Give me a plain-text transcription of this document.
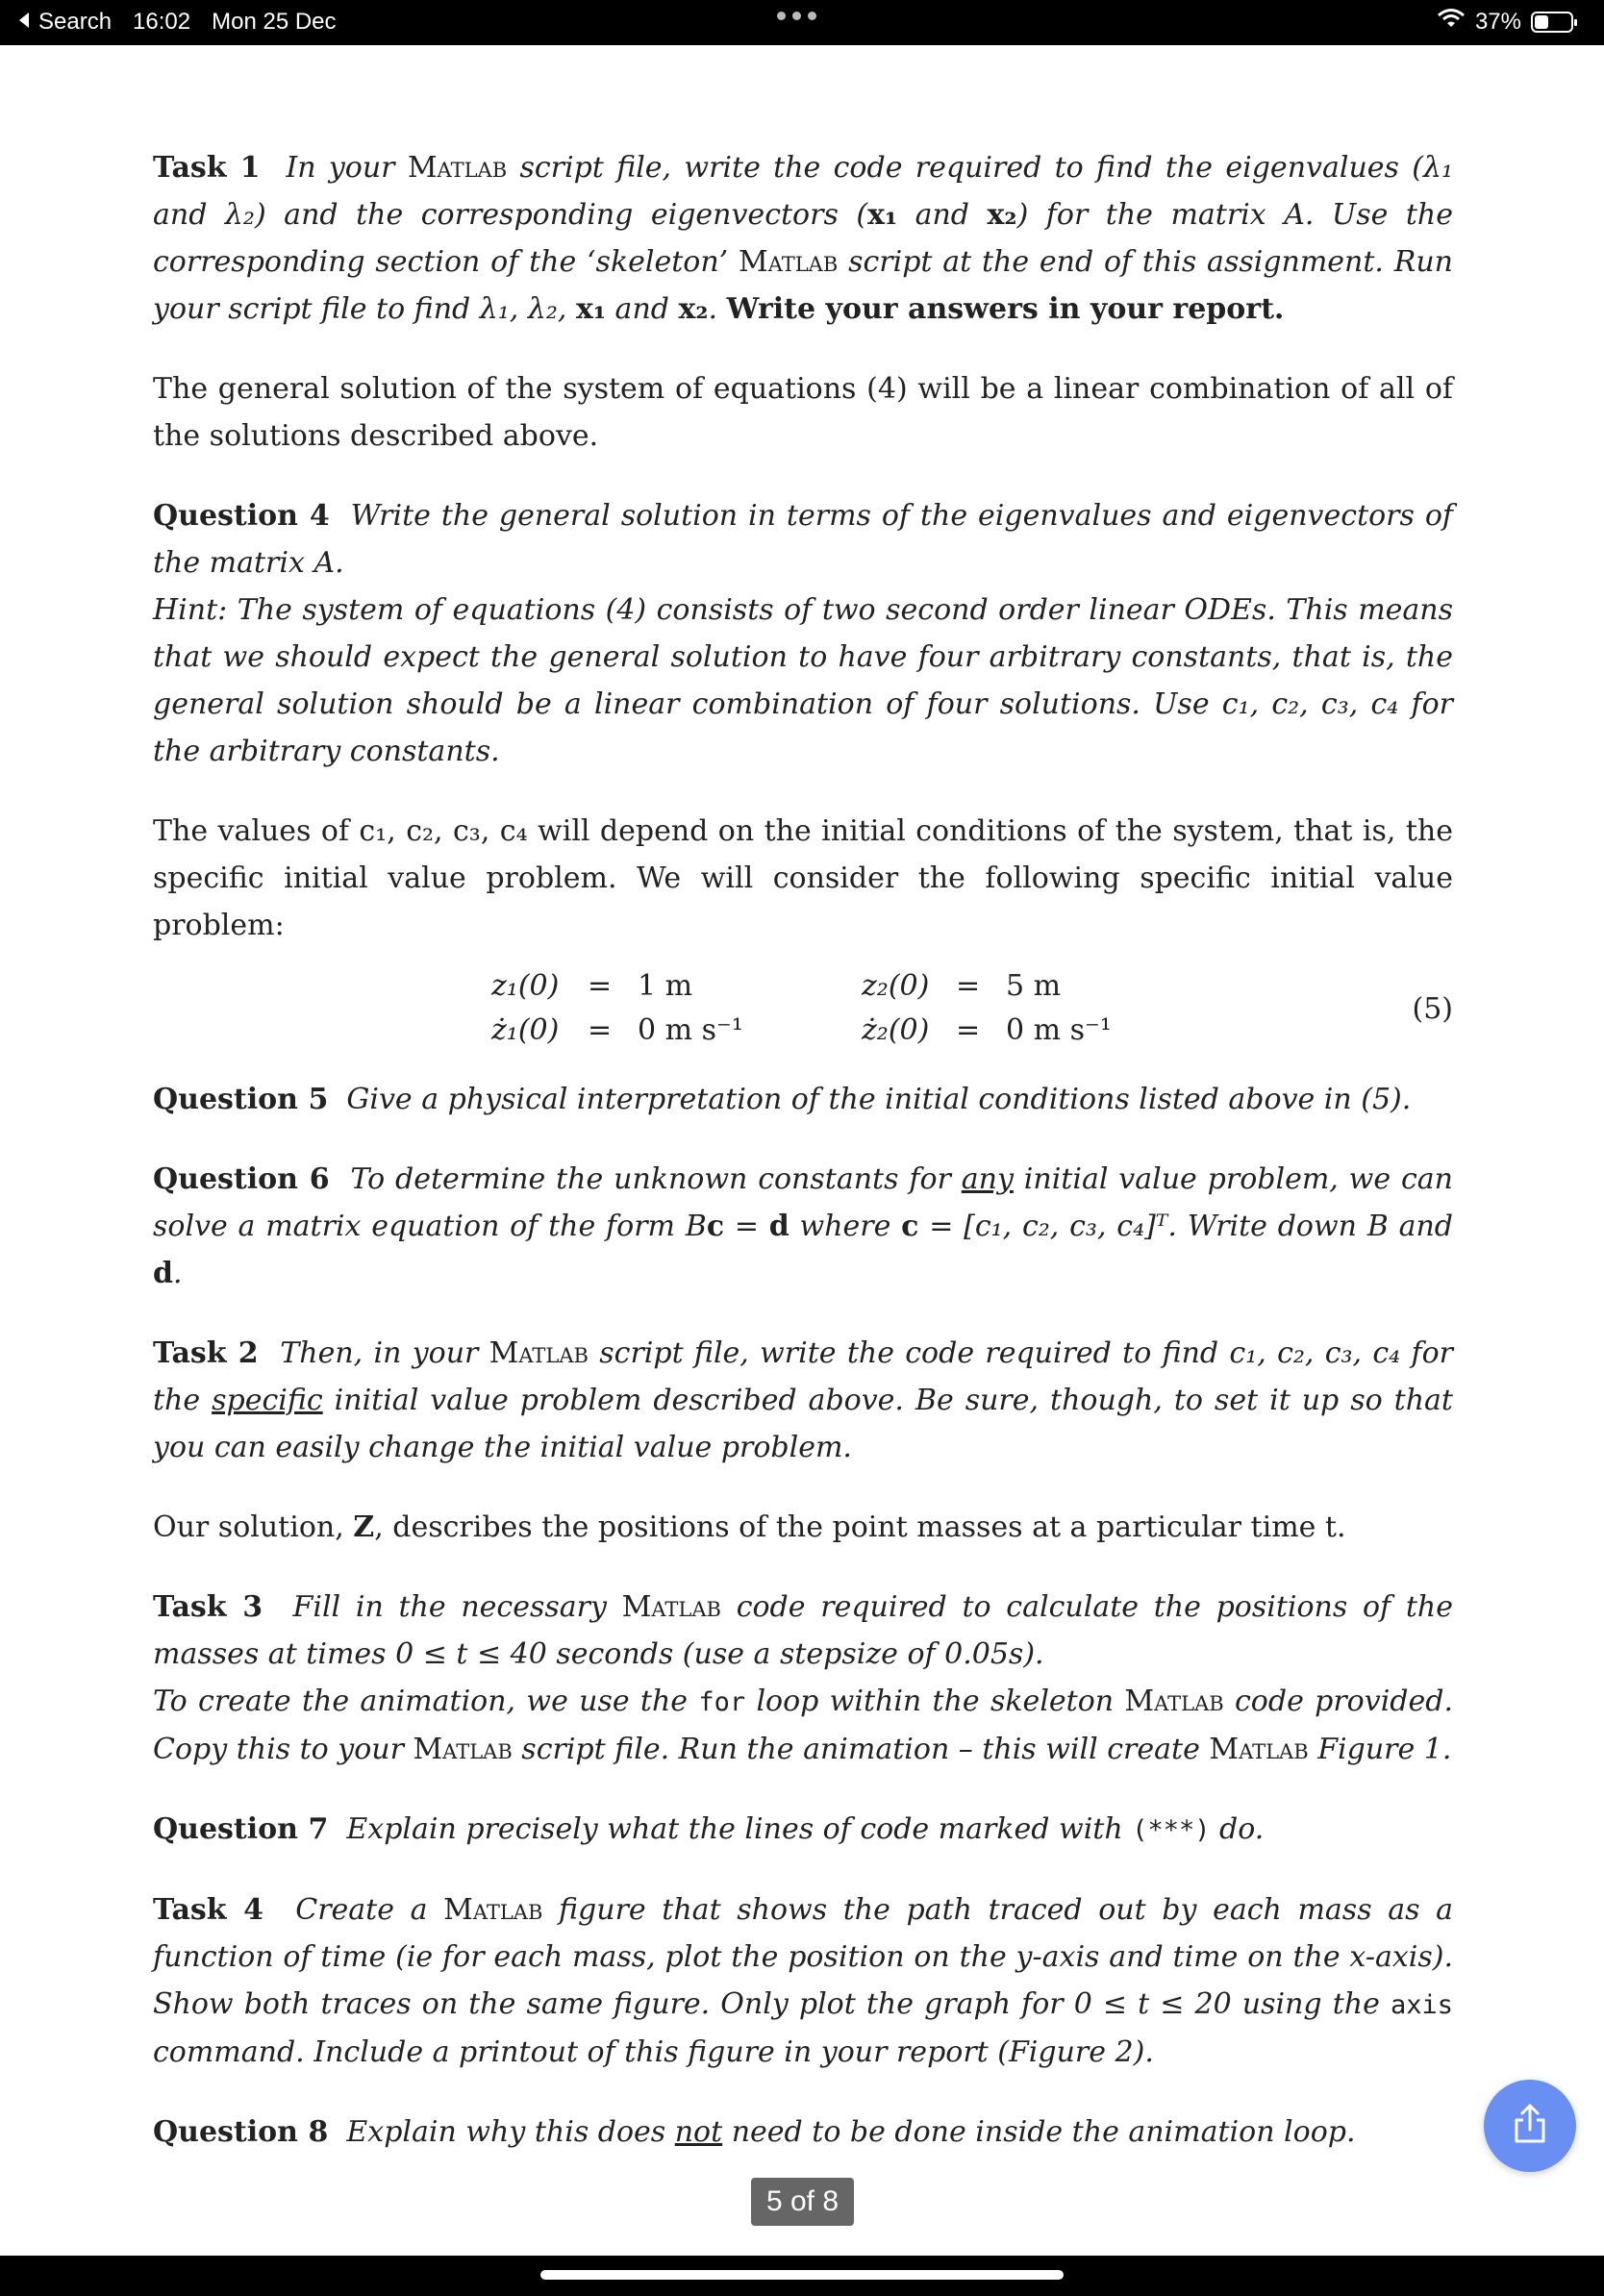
Search 16:02 Mon 25 Dec	37%

Task 1 In your Matlab script file, write the code required to find the eigenvalues (λ₁ and λ₂) and the corresponding eigenvectors (x₁ and x₂) for the matrix A. Use the corresponding section of the ‘skeleton’ Matlab script at the end of this assignment. Run your script file to find λ₁, λ₂, x₁ and x₂. Write your answers in your report.

The general solution of the system of equations (4) will be a linear combination of all of the solutions described above.

Question 4 Write the general solution in terms of the eigenvalues and eigenvectors of the matrix A.
Hint: The system of equations (4) consists of two second order linear ODEs. This means that we should expect the general solution to have four arbitrary constants, that is, the general solution should be a linear combination of four solutions. Use c₁, c₂, c₃, c₄ for the arbitrary constants.

The values of c₁, c₂, c₃, c₄ will depend on the initial conditions of the system, that is, the specific initial value problem. We will consider the following specific initial value problem:

z₁(0) = 1 m	z₂(0) = 5 m
ż₁(0) = 0 m s⁻¹	ż₂(0) = 0 m s⁻¹
(5)

Question 5 Give a physical interpretation of the initial conditions listed above in (5).

Question 6 To determine the unknown constants for any initial value problem, we can solve a matrix equation of the form Bc = d where c = [c₁, c₂, c₃, c₄]ᵀ. Write down B and d.

Task 2 Then, in your Matlab script file, write the code required to find c₁, c₂, c₃, c₄ for the specific initial value problem described above. Be sure, though, to set it up so that you can easily change the initial value problem.

Our solution, Z, describes the positions of the point masses at a particular time t.

Task 3 Fill in the necessary Matlab code required to calculate the positions of the masses at times 0 ≤ t ≤ 40 seconds (use a stepsize of 0.05s).
To create the animation, we use the for loop within the skeleton Matlab code provided. Copy this to your Matlab script file. Run the animation – this will create Matlab Figure 1.

Question 7 Explain precisely what the lines of code marked with (***) do.

Task 4 Create a Matlab figure that shows the path traced out by each mass as a function of time (ie for each mass, plot the position on the y-axis and time on the x-axis). Show both traces on the same figure. Only plot the graph for 0 ≤ t ≤ 20 using the axis command. Include a printout of this figure in your report (Figure 2).

Question 8 Explain why this does not need to be done inside the animation loop.

5 of 8
